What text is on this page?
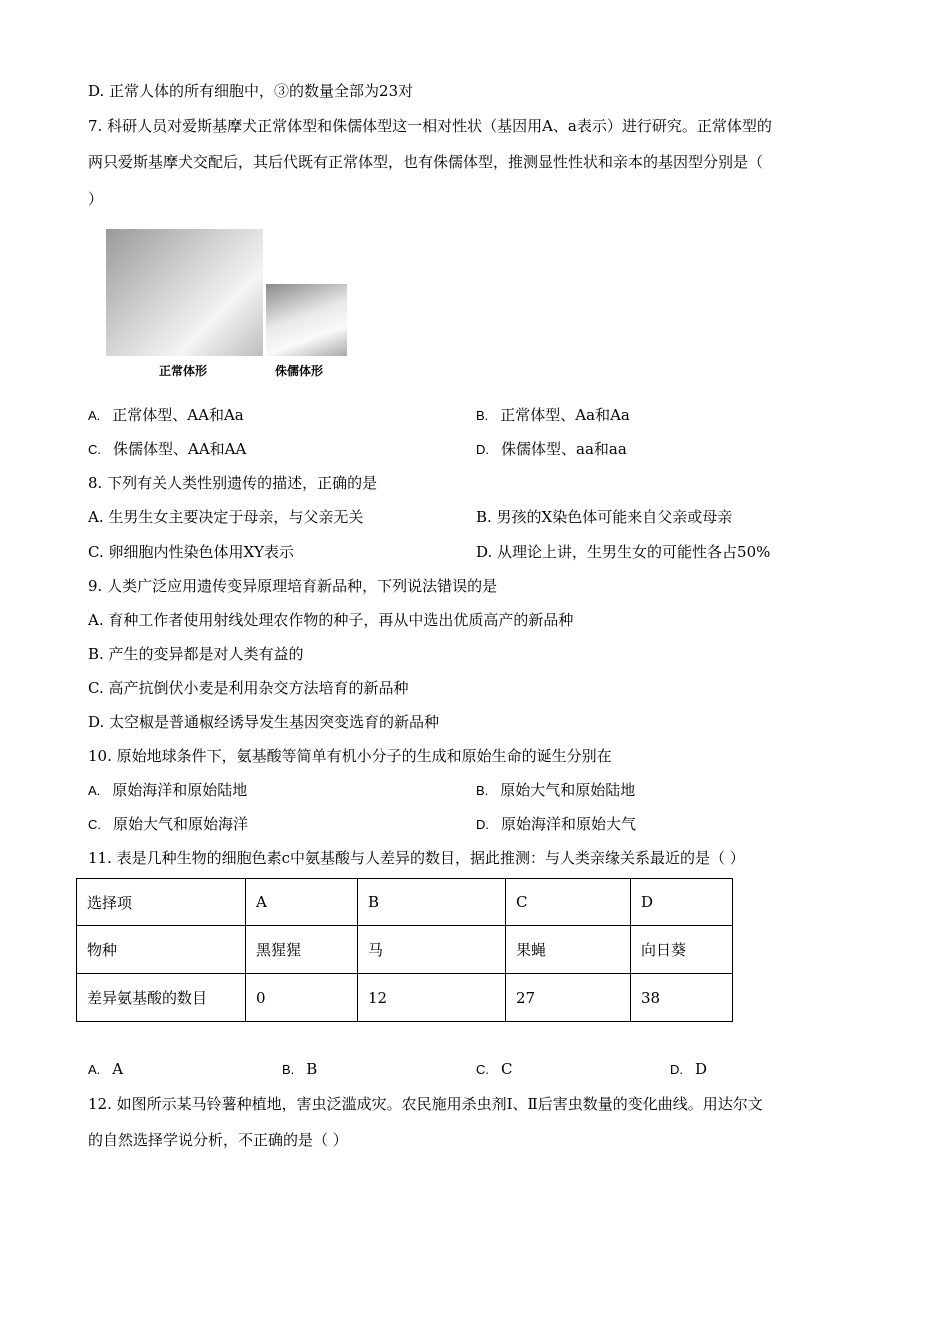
D. 正常人体的所有细胞中，③的数量全部为23对
7. 科研人员对爱斯基摩犬正常体型和侏儒体型这一相对性状（基因用A、a表示）进行研究。正常体型的
两只爱斯基摩犬交配后，其后代既有正常体型，也有侏儒体型，推测显性性状和亲本的基因型分别是（
）
正常体形	侏儒体形
A. 正常体型、AA和Aa	B. 正常体型、Aa和Aa
C. 侏儒体型、AA和AA	D. 侏儒体型、aa和aa
8. 下列有关人类性别遗传的描述，正确的是
A. 生男生女主要决定于母亲，与父亲无关	B. 男孩的X染色体可能来自父亲或母亲
C. 卵细胞内性染色体用XY表示	D. 从理论上讲，生男生女的可能性各占50%
9. 人类广泛应用遗传变异原理培育新品种，下列说法错误的是
A. 育种工作者使用射线处理农作物的种子，再从中选出优质高产的新品种
B. 产生的变异都是对人类有益的
C. 高产抗倒伏小麦是利用杂交方法培育的新品种
D. 太空椒是普通椒经诱导发生基因突变选育的新品种
10. 原始地球条件下，氨基酸等简单有机小分子的生成和原始生命的诞生分别在
A. 原始海洋和原始陆地	B. 原始大气和原始陆地
C. 原始大气和原始海洋	D. 原始海洋和原始大气
11. 表是几种生物的细胞色素c中氨基酸与人差异的数目，据此推测：与人类亲缘关系最近的是（ ）
选择项	A	B	C	D
物种	黑猩猩	马	果蝇	向日葵
差异氨基酸的数目	0	12	27	38
A. A	B. B	C. C	D. D
12. 如图所示某马铃薯种植地，害虫泛滥成灾。农民施用杀虫剂Ⅰ、Ⅱ后害虫数量的变化曲线。用达尔文
的自然选择学说分析，不正确的是（ ）
